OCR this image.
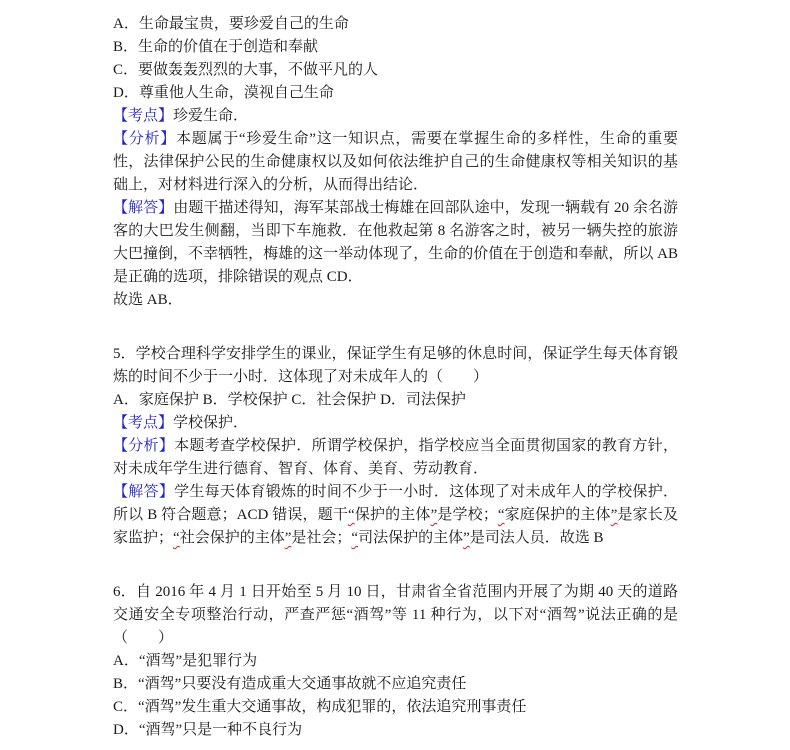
A．生命最宝贵，要珍爱自己的生命

B．生命的价值在于创造和奉献

C．要做轰轰烈烈的大事，不做平凡的人

D．尊重他人生命，漠视自己生命

【考点】珍爱生命．

【分析】本题属于“珍爱生命”这一知识点，需要在掌握生命的多样性，生命的重要性，法律保护公民的生命健康权以及如何依法维护自己的生命健康权等相关知识的基础上，对材料进行深入的分析，从而得出结论．

【解答】由题干描述得知，海军某部战士梅雄在回部队途中，发现一辆载有 20 余名游客的大巴发生侧翻，当即下车施救．在他救起第 8 名游客之时，被另一辆失控的旅游大巴撞倒，不幸牺牲，梅雄的这一举动体现了，生命的价值在于创造和奉献，所以 AB 是正确的选项，排除错误的观点 CD．

故选 AB．

5．学校合理科学安排学生的课业，保证学生有足够的休息时间，保证学生每天体育锻炼的时间不少于一小时．这体现了对未成年人的（　　）

A．家庭保护 B．学校保护 C．社会保护 D．司法保护

【考点】学校保护．

【分析】本题考查学校保护．所谓学校保护，指学校应当全面贯彻国家的教育方针，对未成年学生进行德育、智育、体育、美育、劳动教育．

【解答】学生每天体育锻炼的时间不少于一小时．这体现了对未成年人的学校保护．所以 B 符合题意；ACD 错误，题干“保护的主体”是学校；“家庭保护的主体”是家长及家监护；“社会保护的主体”是社会；“司法保护的主体”是司法人员．故选 B

6．自 2016 年 4 月 1 日开始至 5 月 10 日，甘肃省全省范围内开展了为期 40 天的道路交通安全专项整治行动，严查严惩“酒驾”等 11 种行为，以下对“酒驾”说法正确的是（　　）

A．“酒驾”是犯罪行为

B．“酒驾”只要没有造成重大交通事故就不应追究责任

C．“酒驾”发生重大交通事故，构成犯罪的，依法追究刑事责任

D．“酒驾”只是一种不良行为
